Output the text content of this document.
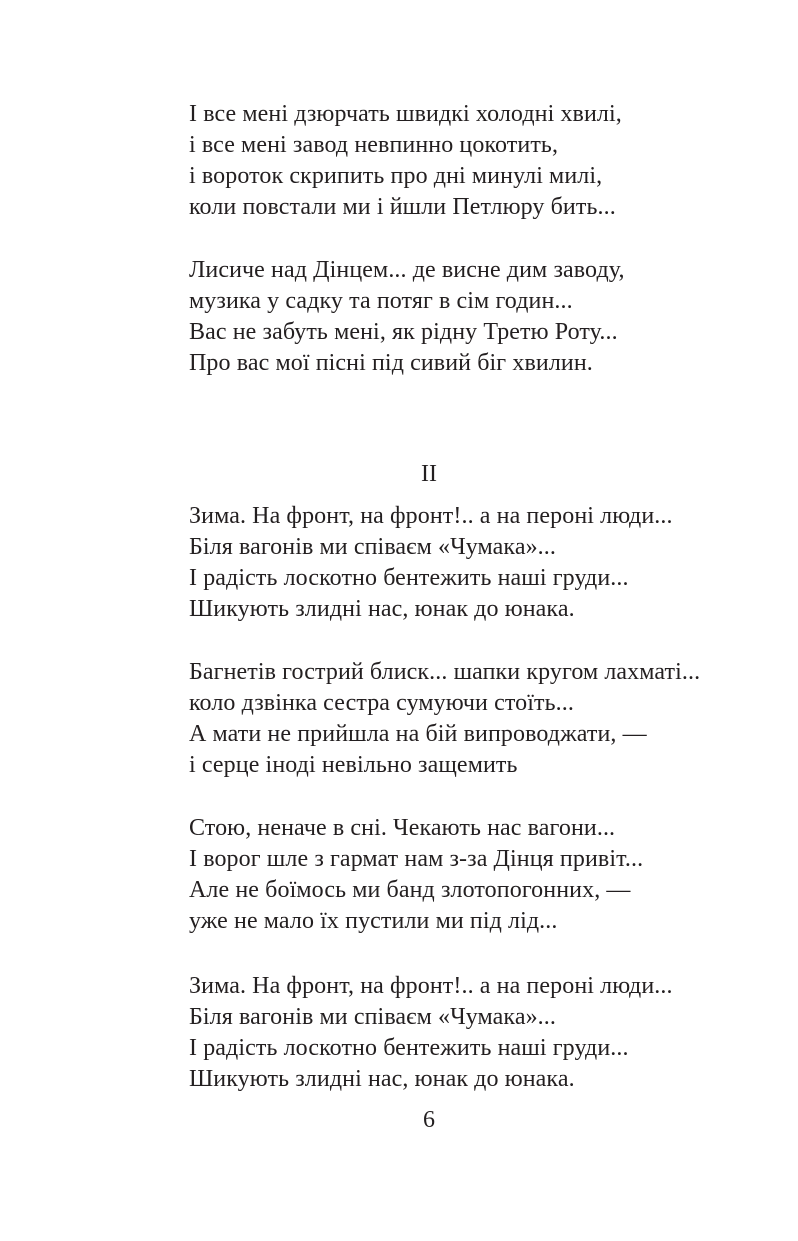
І все мені дзюрчать швидкі холодні хвилі,
і все мені завод невпинно цокотить,
і вороток скрипить про дні минулі милі,
коли повстали ми і йшли Петлюру бить...
Лисиче над Дінцем... де висне дим заводу,
музика у садку та потяг в сім годин...
Вас не забуть мені, як рідну Третю Роту...
Про вас мої пісні під сивий біг хвилин.
II
Зима. На фронт, на фронт!.. а на пероні люди...
Біля вагонів ми співаєм «Чумака»...
І радість лоскотно бентежить наші груди...
Шикують злидні нас, юнак до юнака.
Багнетів гострий блиск... шапки кругом лахматі...
коло дзвінка сестра сумуючи стоїть...
А мати не прийшла на бій випроводжати, —
і серце іноді невільно защемить
Стою, неначе в сні. Чекають нас вагони...
І ворог шле з гармат нам з-за Дінця привіт...
Але не боїмось ми банд злотопогонних, —
уже не мало їх пустили ми під лід...
Зима. На фронт, на фронт!.. а на пероні люди...
Біля вагонів ми співаєм «Чумака»...
І радість лоскотно бентежить наші груди...
Шикують злидні нас, юнак до юнака.
6
